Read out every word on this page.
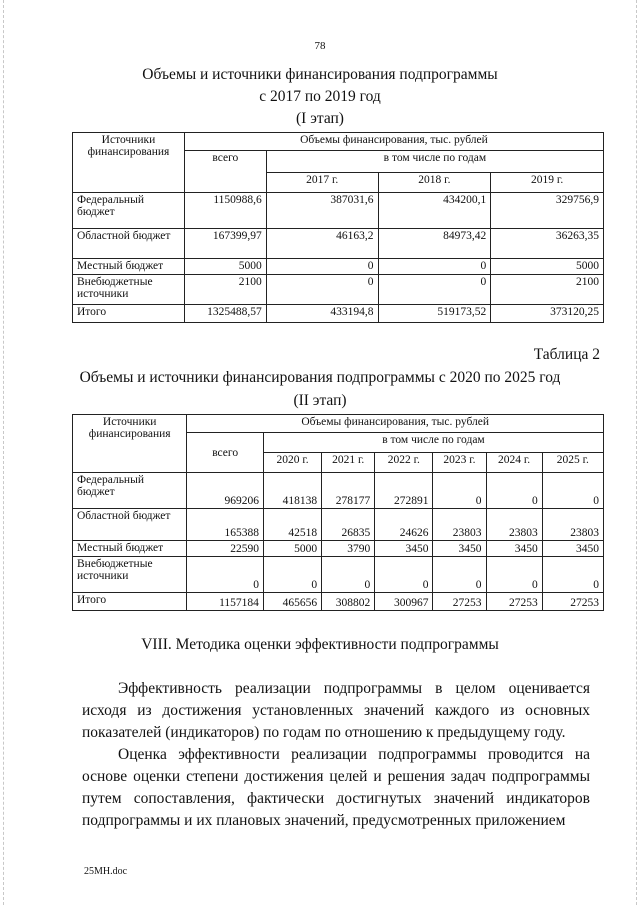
78
Объемы и источники финансирования подпрограммы
с 2017 по 2019 год
(I этап)
Источники финансирования	Объемы финансирования, тыс. рублей			
	всего	в том числе по годам		
		2017 г.	2018 г.	2019 г.
Федеральный бюджет	1150988,6	387031,6	434200,1	329756,9
Областной бюджет	167399,97	46163,2	84973,42	36263,35
Местный бюджет	5000	0	0	5000
Внебюджетные источники	2100	0	0	2100
Итого	1325488,57	433194,8	519173,52	373120,25
Таблица 2
Объемы и источники финансирования подпрограммы с 2020 по 2025 год
(II этап)
Источники финансирования	Объемы финансирования, тыс. рублей						
	всего	в том числе по годам					
		2020 г.	2021 г.	2022 г.	2023 г.	2024 г.	2025 г.
Федеральный бюджет	969206	418138	278177	272891	0	0	0
Областной бюджет	165388	42518	26835	24626	23803	23803	23803
Местный бюджет	22590	5000	3790	3450	3450	3450	3450
Внебюджетные источники	0	0	0	0	0	0	0
Итого	1157184	465656	308802	300967	27253	27253	27253
VIII. Методика оценки эффективности подпрограммы

Эффективность реализации подпрограммы в целом оценивается исходя из достижения установленных значений каждого из основных показателей (индикаторов) по годам по отношению к предыдущему году.

Оценка эффективности реализации подпрограммы проводится на основе оценки степени достижения целей и решения задач подпрограммы путем сопоставления, фактически достигнутых значений индикаторов подпрограммы и их плановых значений, предусмотренных приложением

25МН.doc
